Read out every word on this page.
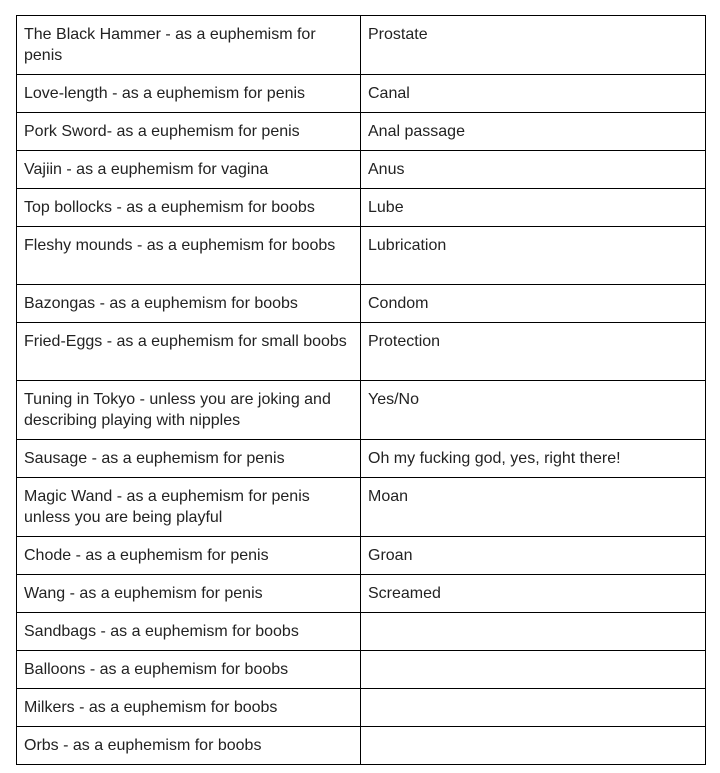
The Black Hammer - as a euphemism for penis	Prostate
Love-length - as a euphemism for penis	Canal
Pork Sword- as a euphemism for penis	Anal passage
Vajiin - as a euphemism for vagina	Anus
Top bollocks - as a euphemism for boobs	Lube
Fleshy mounds - as a euphemism for boobs	Lubrication
Bazongas - as a euphemism for boobs	Condom
Fried-Eggs - as a euphemism for small boobs	Protection
Tuning in Tokyo - unless you are joking and describing playing with nipples	Yes/No
Sausage - as a euphemism for penis	Oh my fucking god, yes, right there!
Magic Wand - as a euphemism for penis unless you are being playful	Moan
Chode - as a euphemism for penis	Groan
Wang - as a euphemism for penis	Screamed
Sandbags - as a euphemism for boobs	
Balloons - as a euphemism for boobs	
Milkers - as a euphemism for boobs	
Orbs - as a euphemism for boobs	
